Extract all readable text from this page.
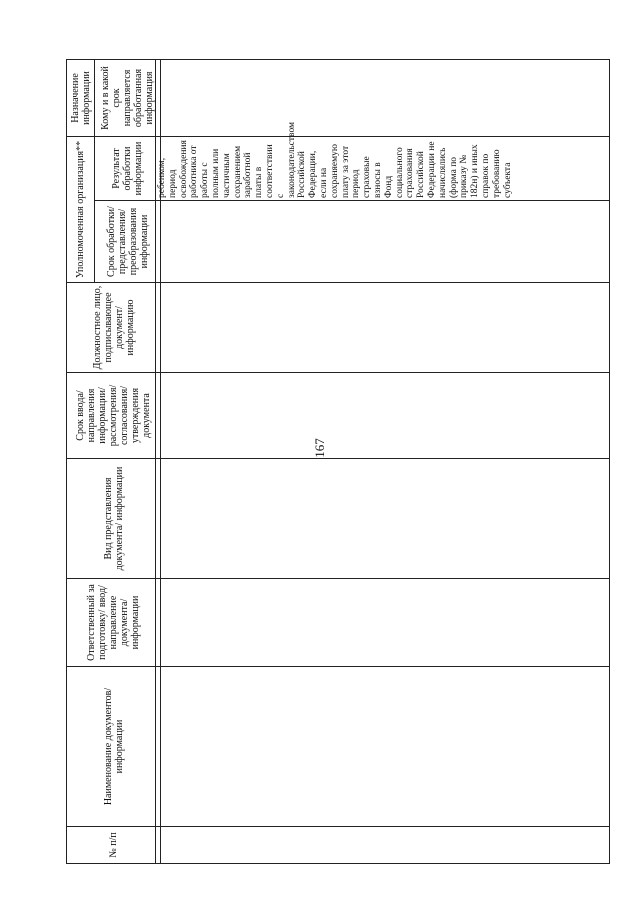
167
№ п/п	Наименование документов/информации	Ответственный за подготовку/ ввод/ направление документа/ информации	Вид представления документа/ информации	Срок ввода/ направления информации/ рассмотрения/ согласования/ утверждения документа	Должностное лицо, подписывающее документ/ информацию	Уполномоченная организация**		Назначение информации
						Срок обработки/ представления/ преобразования информации	Результат обработки информации	Кому и в какой срок направляется обработанная информация
							ребенком, период освобождения работника от работы с полным или частичным сохранением заработной платы в соответствии с законодательством Российской Федерации, если на сохраняемую плату за этот период страховые взносы в Фонд социального страхования Российской Федерации не начислялись (форма по приказу № 182н) и иных справок по требованию субъекта	
